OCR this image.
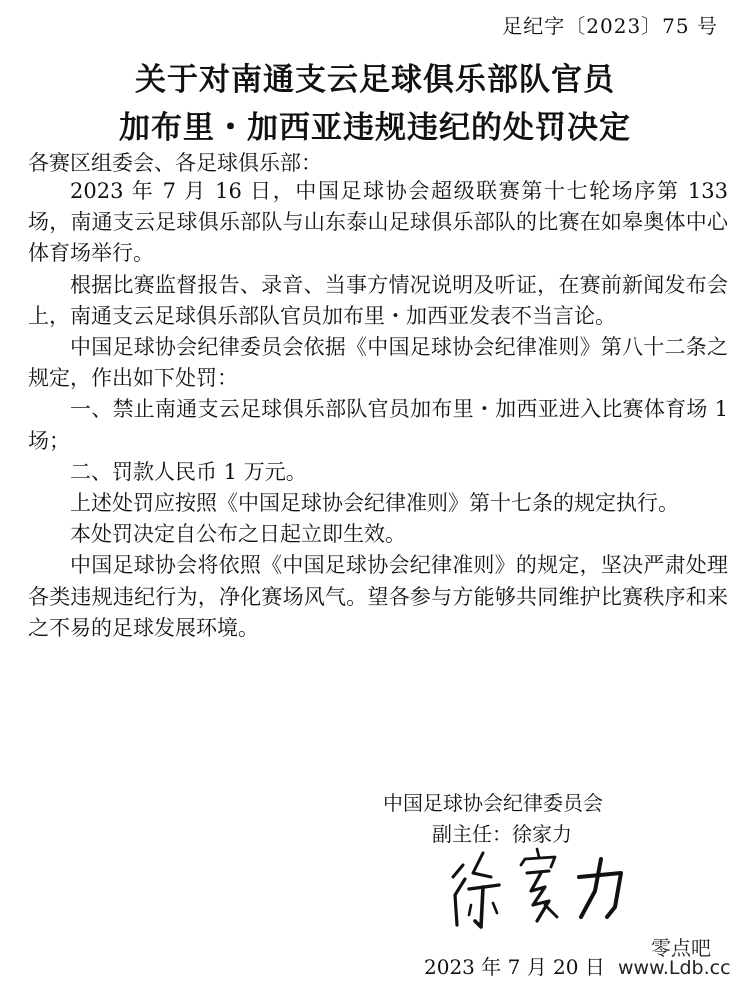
足纪字〔2023〕75 号
关于对南通支云足球俱乐部队官员
加布里・加西亚违规违纪的处罚决定
各赛区组委会、各足球俱乐部：

2023 年 7 月 16 日，中国足球协会超级联赛第十七轮场序第 133 场，南通支云足球俱乐部队与山东泰山足球俱乐部队的比赛在如皋奥体中心体育场举行。

根据比赛监督报告、录音、当事方情况说明及听证，在赛前新闻发布会上，南通支云足球俱乐部队官员加布里・加西亚发表不当言论。

中国足球协会纪律委员会依据《中国足球协会纪律准则》第八十二条之规定，作出如下处罚：

一、禁止南通支云足球俱乐部队官员加布里・加西亚进入比赛体育场 1 场；

二、罚款人民币 1 万元。

上述处罚应按照《中国足球协会纪律准则》第十七条的规定执行。

本处罚决定自公布之日起立即生效。

中国足球协会将依照《中国足球协会纪律准则》的规定，坚决严肃处理各类违规违纪行为，净化赛场风气。望各参与方能够共同维护比赛秩序和来之不易的足球发展环境。

中国足球协会纪律委员会
副主任：徐家力
2023 年 7 月 20 日
零点吧
www.Ldb.cc
